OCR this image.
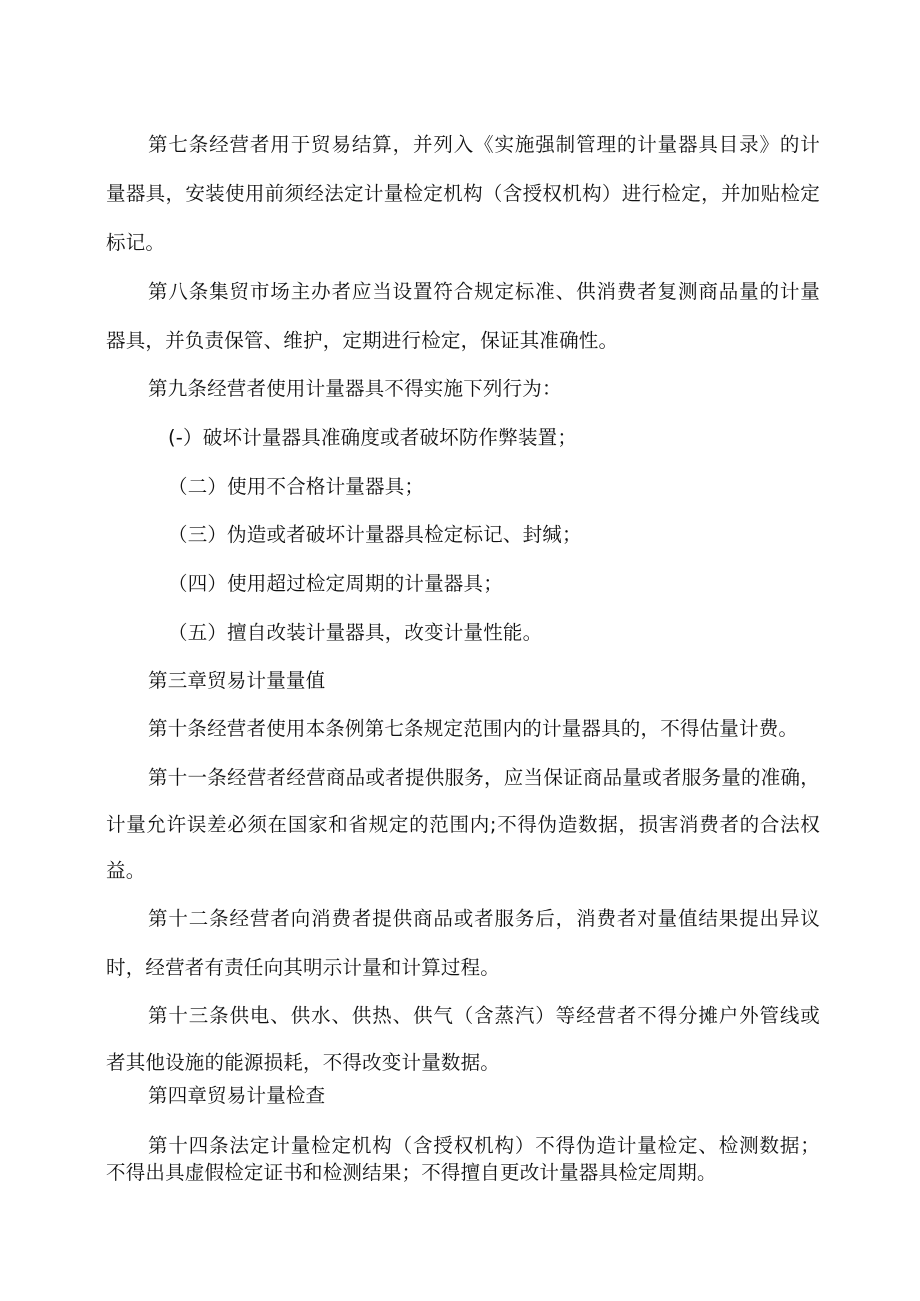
第七条经营者用于贸易结算，并列入《实施强制管理的计量器具目录》的计
量器具，安装使用前须经法定计量检定机构（含授权机构）进行检定，并加贴检定
标记。
第八条集贸市场主办者应当设置符合规定标准、供消费者复测商品量的计量
器具，并负责保管、维护，定期进行检定，保证其准确性。
第九条经营者使用计量器具不得实施下列行为：
(-）破坏计量器具准确度或者破坏防作弊装置；
（二）使用不合格计量器具；
（三）伪造或者破坏计量器具检定标记、封缄；
（四）使用超过检定周期的计量器具；
（五）擅自改装计量器具，改变计量性能。
第三章贸易计量量值
第十条经营者使用本条例第七条规定范围内的计量器具的，不得估量计费。
第十一条经营者经营商品或者提供服务，应当保证商品量或者服务量的准确，
计量允许误差必须在国家和省规定的范围内;不得伪造数据，损害消费者的合法权
益。
第十二条经营者向消费者提供商品或者服务后，消费者对量值结果提出异议
时，经营者有责任向其明示计量和计算过程。
第十三条供电、供水、供热、供气（含蒸汽）等经营者不得分摊户外管线或
者其他设施的能源损耗，不得改变计量数据。
第四章贸易计量检查
第十四条法定计量检定机构（含授权机构）不得伪造计量检定、检测数据；
不得出具虚假检定证书和检测结果；不得擅自更改计量器具检定周期。
